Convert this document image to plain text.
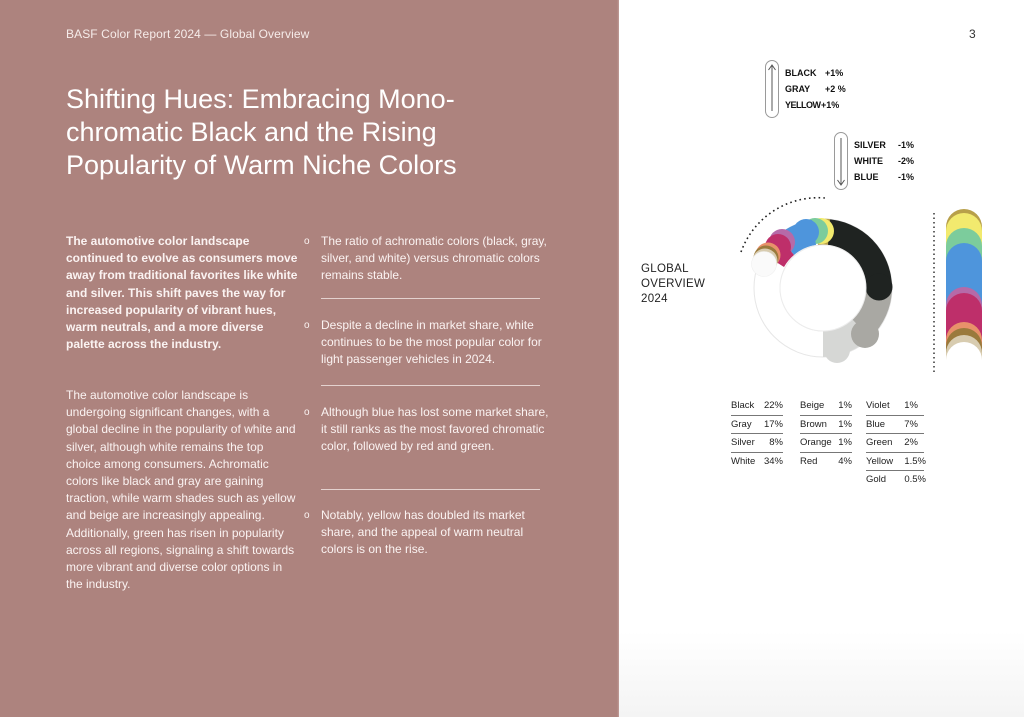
BASF Color Report 2024 — Global Overview
Shifting Hues: Embracing Mono-
chromatic Black and the Rising
Popularity of Warm Niche Colors

The automotive color landscape continued to evolve as consumers move away from traditional favorites like white and silver. This shift paves the way for increased popularity of vibrant hues, warm neutrals, and a more diverse palette across the industry.

The automotive color landscape is undergoing significant changes, with a global decline in the popularity of white and silver, although white remains the top choice among consumers. Achromatic colors like black and gray are gaining traction, while warm shades such as yellow and beige are increasingly appealing. Additionally, green has risen in popularity across all regions, signaling a shift towards more vibrant and diverse color options in the industry.

o The ratio of achromatic colors (black, gray, silver, and white) versus chromatic colors remains stable.
o Despite a decline in market share, white continues to be the most popular color for light passenger vehicles in 2024.
o Although blue has lost some market share, it still ranks as the most favored chromatic color, followed by red and green.
o Notably, yellow has doubled its market share, and the appeal of warm neutral colors is on the rise.
3
BLACK +1%
GRAY +2 %
YELLOW +1%
SILVER -1%
WHITE -2%
BLUE -1%
GLOBAL
OVERVIEW
2024
Black 22%
Gray 17%
Silver 8%
White 34%
Beige 1%
Brown 1%
Orange 1%
Red 4%
Violet 1%
Blue 7%
Green 2%
Yellow 1.5%
Gold 0.5%
